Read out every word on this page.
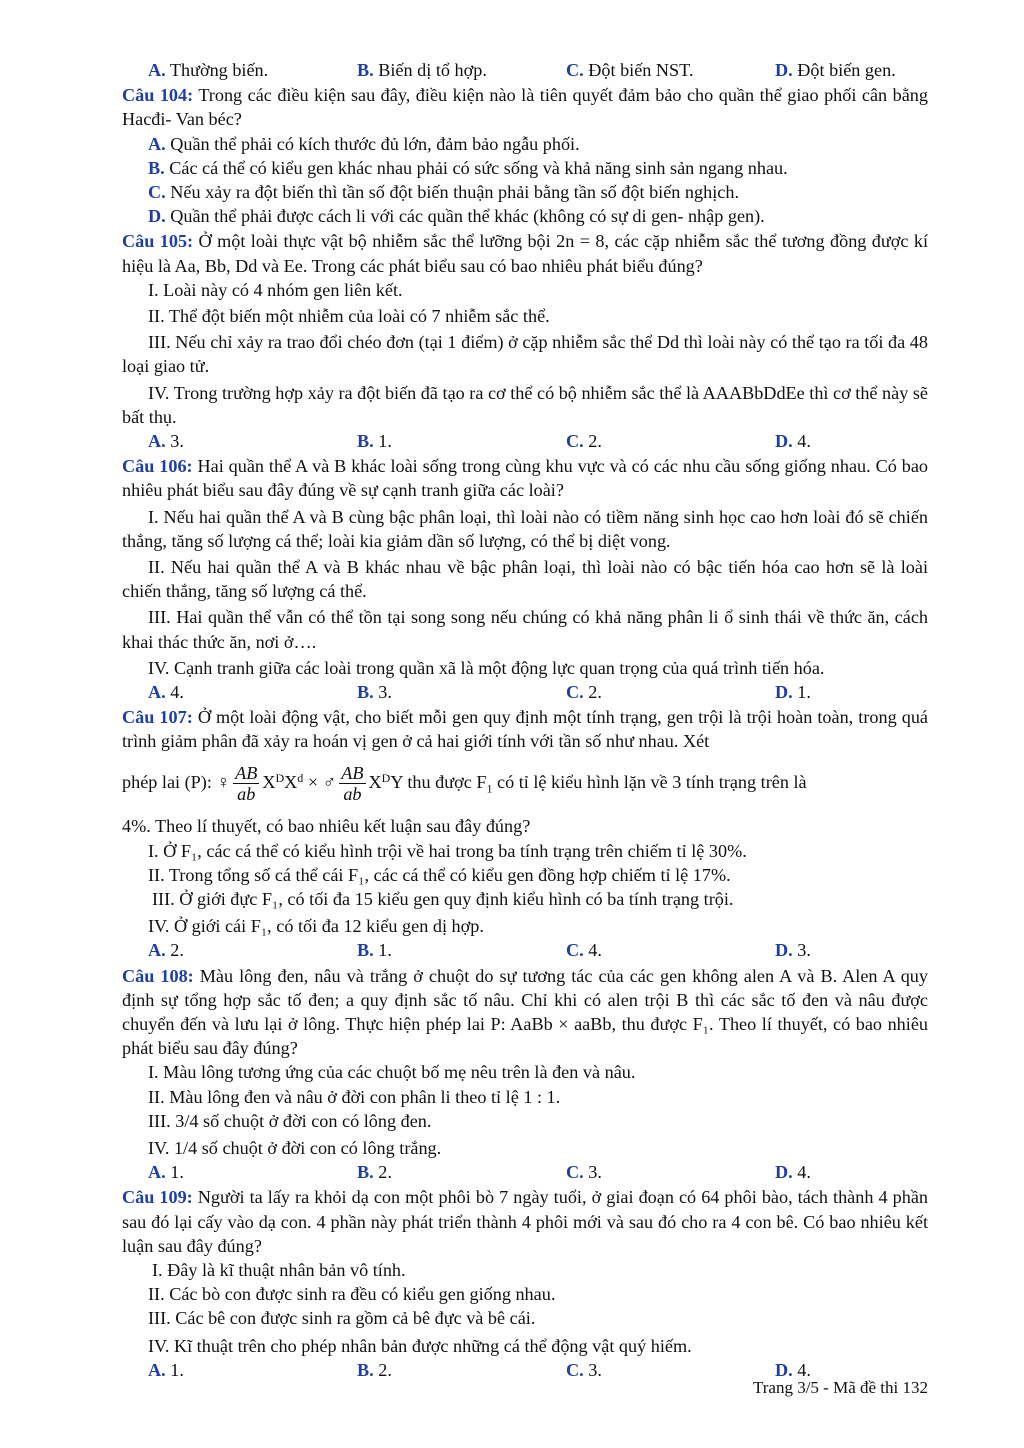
A. Thường biến.	B. Biến dị tổ hợp.	C. Đột biến NST.	D. Đột biến gen.
Câu 104: Trong các điều kiện sau đây, điều kiện nào là tiên quyết đảm bảo cho quần thể giao phối cân bằng Hacđi- Van béc?
A. Quần thể phải có kích thước đủ lớn, đảm bảo ngẫu phối.
B. Các cá thể có kiểu gen khác nhau phải có sức sống và khả năng sinh sản ngang nhau.
C. Nếu xảy ra đột biến thì tần số đột biến thuận phải bằng tần số đột biến nghịch.
D. Quần thể phải được cách li với các quần thể khác (không có sự di gen- nhập gen).
Câu 105: Ở một loài thực vật bộ nhiễm sắc thể lưỡng bội 2n = 8, các cặp nhiễm sắc thể tương đồng được kí hiệu là Aa, Bb, Dd và Ee. Trong các phát biểu sau có bao nhiêu phát biểu đúng?
I. Loài này có 4 nhóm gen liên kết.
II. Thể đột biến một nhiễm của loài có 7 nhiễm sắc thể.
III. Nếu chỉ xảy ra trao đổi chéo đơn (tại 1 điểm) ở cặp nhiễm sắc thể Dd thì loài này có thể tạo ra tối đa 48 loại giao tử.
IV. Trong trường hợp xảy ra đột biến đã tạo ra cơ thể có bộ nhiễm sắc thể là AAABbDdEe thì cơ thể này sẽ bất thụ.
A. 3.	B. 1.	C. 2.	D. 4.
Câu 106: Hai quần thể A và B khác loài sống trong cùng khu vực và có các nhu cầu sống giống nhau. Có bao nhiêu phát biểu sau đây đúng về sự cạnh tranh giữa các loài?
I. Nếu hai quần thể A và B cùng bậc phân loại, thì loài nào có tiềm năng sinh học cao hơn loài đó sẽ chiến thắng, tăng số lượng cá thể; loài kia giảm dần số lượng, có thể bị diệt vong.
II. Nếu hai quần thể A và B khác nhau về bậc phân loại, thì loài nào có bậc tiến hóa cao hơn sẽ là loài chiến thắng, tăng số lượng cá thể.
III. Hai quần thể vẫn có thể tồn tại song song nếu chúng có khả năng phân li ổ sinh thái về thức ăn, cách khai thác thức ăn, nơi ở….
IV. Cạnh tranh giữa các loài trong quần xã là một động lực quan trọng của quá trình tiến hóa.
A. 4.	B. 3.	C. 2.	D. 1.
Câu 107: Ở một loài động vật, cho biết mỗi gen quy định một tính trạng, gen trội là trội hoàn toàn, trong quá trình giảm phân đã xảy ra hoán vị gen ở cả hai giới tính với tần số như nhau. Xét
phép lai (P): ♀ $\frac{AB}{ab} X^DX^d$ × ♂ $\frac{AB}{ab} X^DY$ thu được $F_1$ có tỉ lệ kiểu hình lặn về 3 tính trạng trên là
4%. Theo lí thuyết, có bao nhiêu kết luận sau đây đúng?
I. Ở F₁, các cá thể có kiểu hình trội về hai trong ba tính trạng trên chiếm tỉ lệ 30%.
II. Trong tổng số cá thể cái F₁, các cá thể có kiểu gen đồng hợp chiếm tỉ lệ 17%.
III. Ở giới đực F₁, có tối đa 15 kiểu gen quy định kiểu hình có ba tính trạng trội.
IV. Ở giới cái F₁, có tối đa 12 kiểu gen dị hợp.
A. 2.	B. 1.	C. 4.	D. 3.
Câu 108: Màu lông đen, nâu và trắng ở chuột do sự tương tác của các gen không alen A và B. Alen A quy định sự tổng hợp sắc tố đen; a quy định sắc tố nâu. Chỉ khi có alen trội B thì các sắc tố đen và nâu được chuyển đến và lưu lại ở lông. Thực hiện phép lai P: AaBb × aaBb, thu được F₁. Theo lí thuyết, có bao nhiêu phát biểu sau đây đúng?
I. Màu lông tương ứng của các chuột bố mẹ nêu trên là đen và nâu.
II. Màu lông đen và nâu ở đời con phân li theo tỉ lệ 1 : 1.
III. 3/4 số chuột ở đời con có lông đen.
IV. 1/4 số chuột ở đời con có lông trắng.
A. 1.	B. 2.	C. 3.	D. 4.
Câu 109: Người ta lấy ra khỏi dạ con một phôi bò 7 ngày tuổi, ở giai đoạn có 64 phôi bào, tách thành 4 phần sau đó lại cấy vào dạ con. 4 phần này phát triển thành 4 phôi mới và sau đó cho ra 4 con bê. Có bao nhiêu kết luận sau đây đúng?
I. Đây là kĩ thuật nhân bản vô tính.
II. Các bò con được sinh ra đều có kiểu gen giống nhau.
III. Các bê con được sinh ra gồm cả bê đực và bê cái.
IV. Kĩ thuật trên cho phép nhân bản được những cá thể động vật quý hiếm.
A. 1.	B. 2.	C. 3.	D. 4.
Trang 3/5 - Mã đề thi 132
